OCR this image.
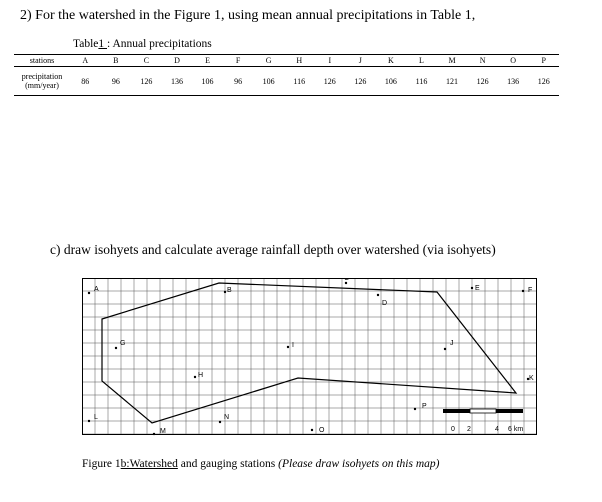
2) For the watershed in the Figure 1, using mean annual precipitations in Table 1,
Table1 : Annual precipitations
stations	A	B	C	D	E	F	G	H	I	J	K	L	M	N	O	P
precipitation
(mm/year)	86	96	126	136	106	96	106	116	126	126	106	116	121	126	136	126
c) draw isohyets and calculate average rainfall depth over watershed (via isohyets)
0 2	4 6 km
A	B
C
D
E	F
G
H
I	J
K
L
M
N
O
P
Figure 1b:Watershed and gauging stations (Please draw isohyets on this map)
